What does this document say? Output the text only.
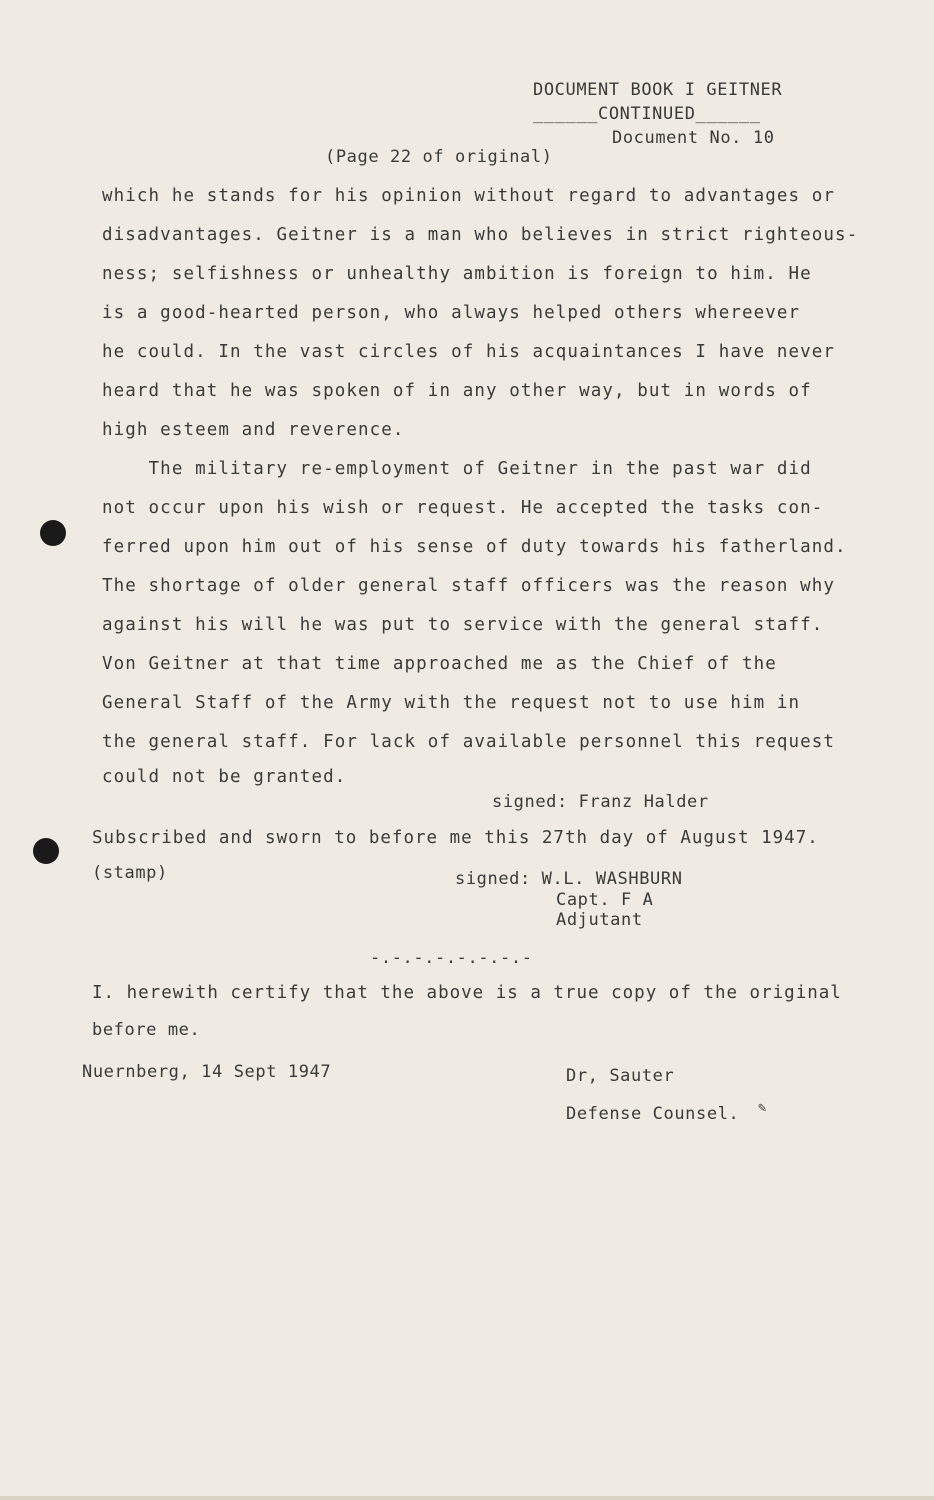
DOCUMENT BOOK I GEITNER
______CONTINUED______
Document No. 10
(Page 22 of original)
which he stands for his opinion without regard to advantages or
disadvantages. Geitner is a man who believes in strict righteous-
ness; selfishness or unhealthy ambition is foreign to him. He
is a good-hearted person, who always helped others whereever
he could. In the vast circles of his acquaintances I have never
heard that he was spoken of in any other way, but in words of
high esteem and reverence.
The military re-employment of Geitner in the past war did
not occur upon his wish or request. He accepted the tasks con-
ferred upon him out of his sense of duty towards his fatherland.
The shortage of older general staff officers was the reason why
against his will he was put to service with the general staff.
Von Geitner at that time approached me as the Chief of the
General Staff of the Army with the request not to use him in
the general staff. For lack of available personnel this request
could not be granted.
signed: Franz Halder
Subscribed and sworn to before me this 27th day of August 1947.
(stamp)	signed: W.L. WASHBURN
Capt. F A
Adjutant
-.-.-.-.-.-.-.-
I. herewith certify that the above is a true copy of the original
before me.
Nuernberg, 14 Sept 1947	Dr, Sauter
Defense Counsel. ✎
